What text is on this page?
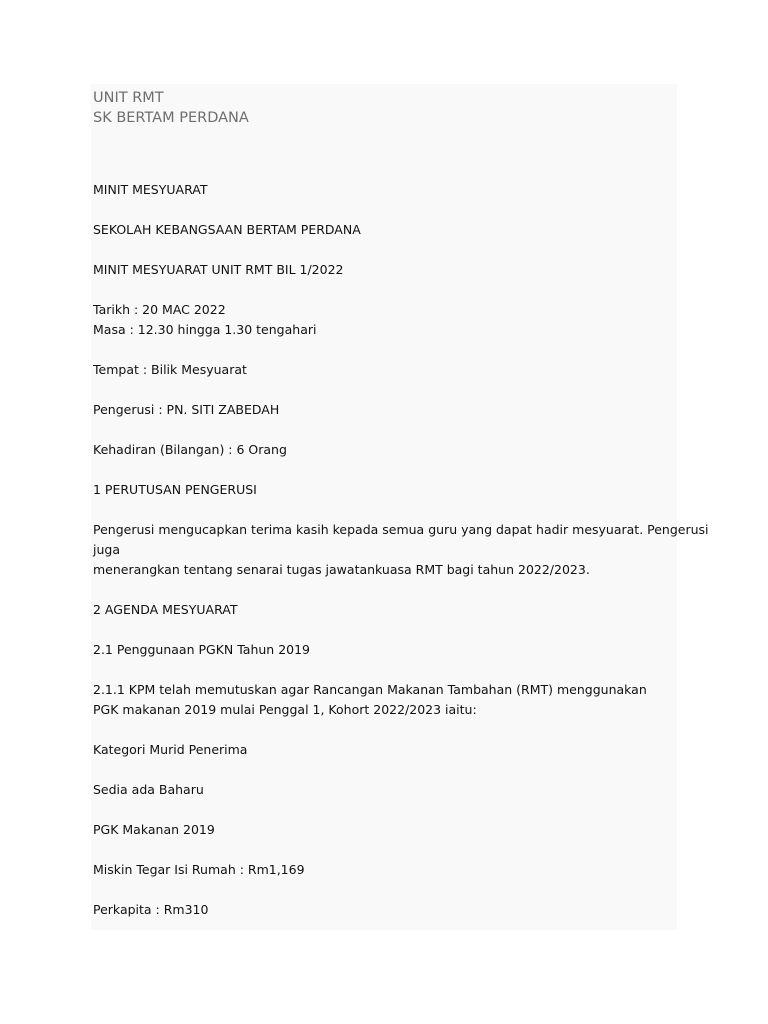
UNIT RMT
SK BERTAM PERDANA
MINIT MESYUARAT
SEKOLAH KEBANGSAAN BERTAM PERDANA
MINIT MESYUARAT UNIT RMT BIL 1/2022
Tarikh : 20 MAC 2022
Masa : 12.30 hingga 1.30 tengahari
Tempat : Bilik Mesyuarat
Pengerusi : PN. SITI ZABEDAH
Kehadiran (Bilangan) : 6 Orang
1 PERUTUSAN PENGERUSI
Pengerusi mengucapkan terima kasih kepada semua guru yang dapat hadir mesyuarat. Pengerusi
juga
menerangkan tentang senarai tugas jawatankuasa RMT bagi tahun 2022/2023.
2 AGENDA MESYUARAT
2.1 Penggunaan PGKN Tahun 2019
2.1.1 KPM telah memutuskan agar Rancangan Makanan Tambahan (RMT) menggunakan
PGK makanan 2019 mulai Penggal 1, Kohort 2022/2023 iaitu:
Kategori Murid Penerima
Sedia ada Baharu
PGK Makanan 2019
Miskin Tegar Isi Rumah : Rm1,169
Perkapita : Rm310
